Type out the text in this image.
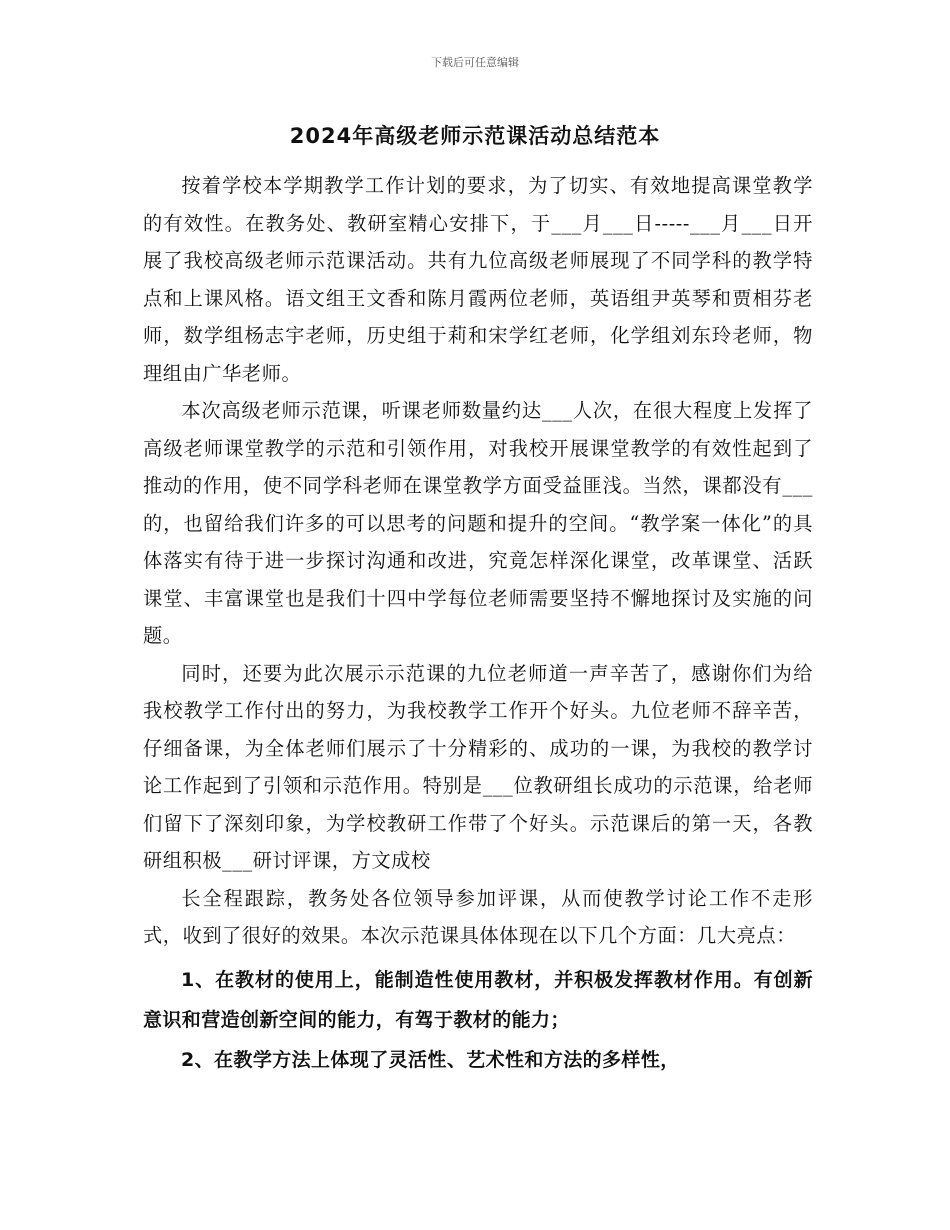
下载后可任意编辑
2024年高级老师示范课活动总结范本

按着学校本学期教学工作计划的要求，为了切实、有效地提高课堂教学的有效性。在教务处、教研室精心安排下，于___月___日-----___月___日开展了我校高级老师示范课活动。共有九位高级老师展现了不同学科的教学特点和上课风格。语文组王文香和陈月霞两位老师，英语组尹英琴和贾相芬老师，数学组杨志宇老师，历史组于莉和宋学红老师，化学组刘东玲老师，物理组由广华老师。

本次高级老师示范课，听课老师数量约达___人次，在很大程度上发挥了高级老师课堂教学的示范和引领作用，对我校开展课堂教学的有效性起到了推动的作用，使不同学科老师在课堂教学方面受益匪浅。当然，课都没有___的，也留给我们许多的可以思考的问题和提升的空间。“教学案一体化”的具体落实有待于进一步探讨沟通和改进，究竟怎样深化课堂，改革课堂、活跃课堂、丰富课堂也是我们十四中学每位老师需要坚持不懈地探讨及实施的问题。

同时，还要为此次展示示范课的九位老师道一声辛苦了，感谢你们为给我校教学工作付出的努力，为我校教学工作开个好头。九位老师不辞辛苦，仔细备课，为全体老师们展示了十分精彩的、成功的一课，为我校的教学讨论工作起到了引领和示范作用。特别是___位教研组长成功的示范课，给老师们留下了深刻印象，为学校教研工作带了个好头。示范课后的第一天，各教研组积极___研讨评课，方文成校

长全程跟踪，教务处各位领导参加评课，从而使教学讨论工作不走形式，收到了很好的效果。本次示范课具体体现在以下几个方面：几大亮点：

1、在教材的使用上，能制造性使用教材，并积极发挥教材作用。有创新意识和营造创新空间的能力，有驾于教材的能力；

2、在教学方法上体现了灵活性、艺术性和方法的多样性，
